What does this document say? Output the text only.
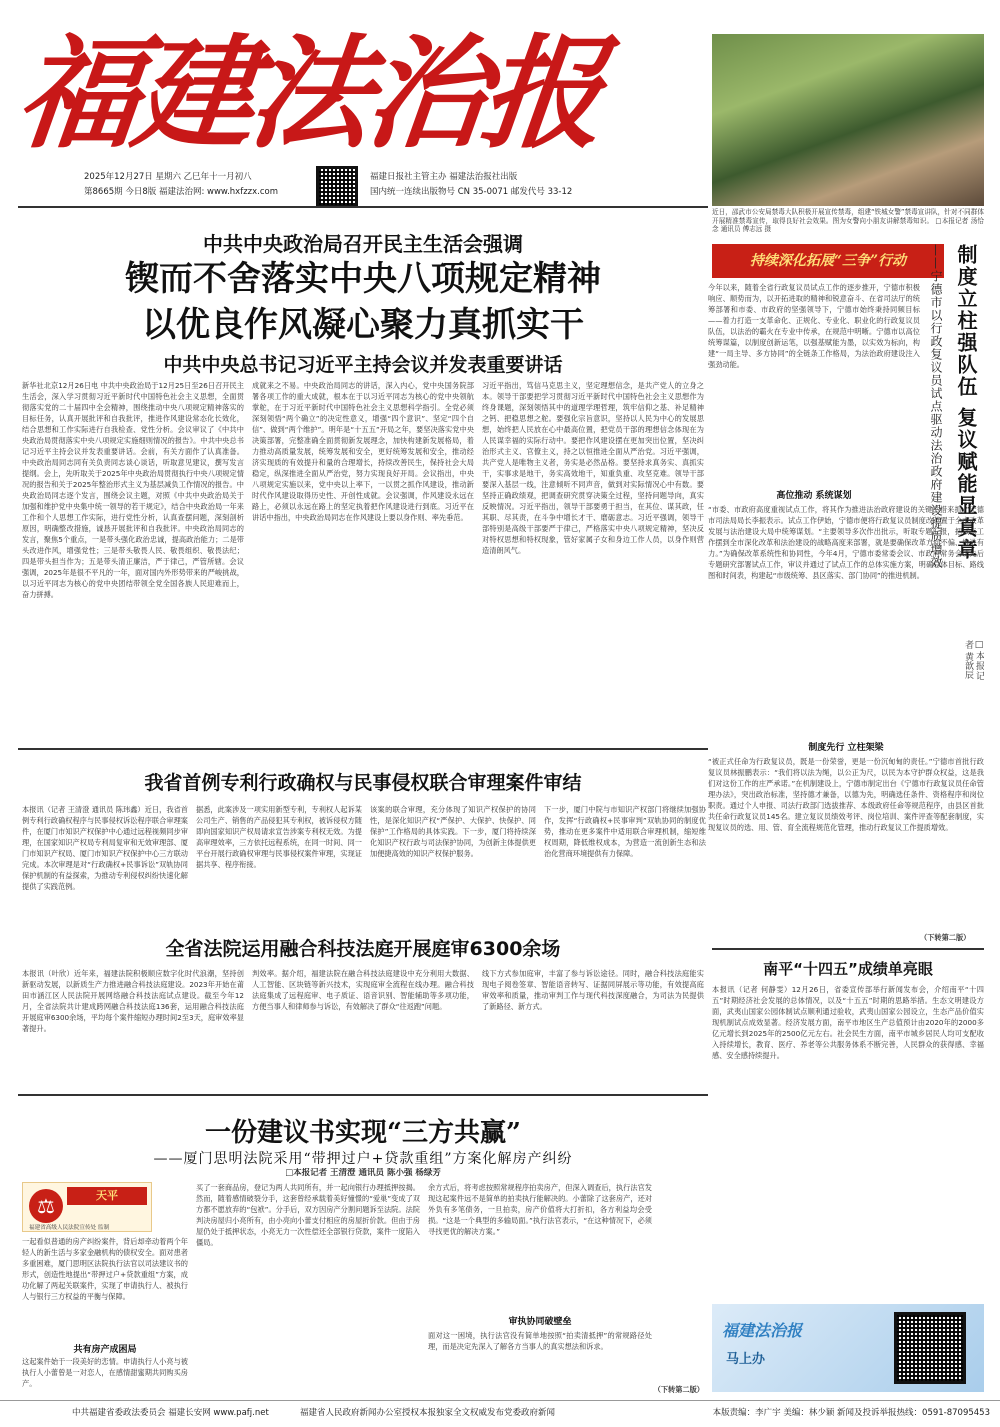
福建法治报
2025年12月27日 星期六 乙巳年十一月初八
第8665期 今日8版 福建法治网: www.hxfzzx.com
福建日报社主管主办 福建法治报社出版
国内统一连续出版物号 CN 35-0071 邮发代号 33-12
近日，邵武市公安局禁毒大队积极开展宣传禁毒，组建“铁城女警”禁毒宣讲队，针对不同群体开展精准禁毒宣传，取得良好社会效果。图为女警向小朋友讲解禁毒知识。 □本报记者 汤恰念 通讯员 傅志远 摄
中共中央政治局召开民主生活会强调
锲而不舍落实中央八项规定精神
以优良作风凝心聚力真抓实干
中共中央总书记习近平主持会议并发表重要讲话
新华社北京12月26日电 中共中央政治局于12月25日至26日召开民主生活会，深入学习贯彻习近平新时代中国特色社会主义思想，全面贯彻落实党的二十届四中全会精神，围绕推动中央八项规定精神落实的目标任务，认真开展批评和自我批评，推进作风建设常态化长效化，结合思想和工作实际进行自我检查、党性分析。会议审议了《中共中央政治局贯彻落实中央八项规定实施细则情况的报告》。中共中央总书记习近平主持会议并发表重要讲话。会前，有关方面作了认真准备。中央政治局同志同有关负责同志谈心谈话，听取意见建议，撰写发言提纲。会上，先听取关于2025年中央政治局贯彻执行中央八项规定情况的报告和关于2025年整治形式主义为基层减负工作情况的报告。中央政治局同志逐个发言，围绕会议主题，对照《中共中央政治局关于加强和维护党中央集中统一领导的若干规定》，结合中央政治局一年来工作和个人思想工作实际，进行党性分析，认真查摆问题，深刻剖析原因，明确整改措施，诚恳开展批评和自我批评。中央政治局同志的发言，聚焦5个重点，一是带头强化政治忠诚，提高政治能力；二是带头改进作风，增强党性；三是带头敬畏人民、敬畏组织、敬畏法纪；四是带头担当作为；五是带头清正廉洁，严于律己，严管所辖。会议强调，2025年是很不平凡的一年，面对国内外形势带来的严峻挑战，以习近平同志为核心的党中央团结带领全党全国各族人民迎难而上，奋力拼搏。
成就来之不易。中央政治局同志的讲话，深入内心，党中央国务院部署各项工作的重大成就，根本在于以习近平同志为核心的党中央领航掌舵，在于习近平新时代中国特色社会主义思想科学指引。全党必须深刻领悟“两个确立”的决定性意义，增强“四个意识”、坚定“四个自信”、做到“两个维护”。明年是“十五五”开局之年，要坚决落实党中央决策部署，完整准确全面贯彻新发展理念，加快构建新发展格局，着力推动高质量发展，统筹发展和安全，更好统筹发展和安全，推动经济实现质的有效提升和量的合理增长，持续改善民生，保持社会大局稳定，纵深推进全面从严治党，努力实现良好开局。会议指出，中央八项规定实施以来，党中央以上率下，一以贯之抓作风建设，推动新时代作风建设取得历史性、开创性成就。会议强调，作风建设永远在路上，必须以永远在路上的坚定执着把作风建设进行到底。习近平在讲话中指出，中央政治局同志在作风建设上要以身作则、率先垂范。
习近平指出，笃信马克思主义，坚定理想信念，是共产党人的立身之本。领导干部要把学习贯彻习近平新时代中国特色社会主义思想作为终身课题，深刻领悟其中的道理学理哲理，筑牢信仰之基、补足精神之钙、把稳思想之舵。要强化宗旨意识，坚持以人民为中心的发展思想，始终把人民放在心中最高位置，把党员干部的理想信念体现在为人民谋幸福的实际行动中。要把作风建设摆在更加突出位置，坚决纠治形式主义、官僚主义，持之以恒推进全面从严治党。习近平强调，共产党人是唯物主义者，务实是必然品格。要坚持求真务实、真抓实干，实事求是地干，务实高效地干，知重负重、攻坚克难。领导干部要深入基层一线，注意倾听不同声音，做到对实际情况心中有数。要坚持正确政绩观，把调查研究贯穿决策全过程，坚持问题导向，真实反映情况。习近平指出，领导干部要勇于担当，在其位、谋其政，任其职、尽其责，在斗争中增长才干、磨砺意志。习近平强调，领导干部特别是高级干部要严于律己，严格落实中央八项规定精神，坚决反对特权思想和特权现象，管好家属子女和身边工作人员，以身作则营造清朗风气。
持续深化拓展“三争”行动	制度立柱强队伍 复议赋能显真章
——宁德市以行政复议员试点驱动法治政府建设提质增效
今年以来，随着全省行政复议员试点工作的逐步推开，宁德市积极响应、顺势而为，以开拓进取的精神和锐意奋斗、在省司法厅的统筹部署和市委、市政府的坚强领导下，宁德市始终秉持同频目标——着力打造一支革命化、正规化、专业化、职业化的行政复议员队伍，以法治的霸火在专业中传承，在规范中明晰。宁德市以高位统筹谋篇，以制度创新运笔，以强基赋能为墨，以实效为标向，构建“一局主导、多方协同”的全链条工作格局，为法治政府建设注入强劲动能。
□本报记者 黄歆辰
高位推动 系统谋划
“市委、市政府高度重视试点工作，将其作为推进法治政府建设的关键举措来抓。”宁德市司法局局长李振表示。试点工作伊始，宁德市便将行政复议员制度改革置于全市改革发展与法治建设大局中统筹谋划。“主要领导多次作出批示，听取专题汇报，把试点工作摆到全市深化改革和法治建设的战略高度来部署，就是要确保改革方向不偏、推进有力。”为确保改革系统性和协同性，今年4月，宁德市委常委会议、市政府常务会议先后专题研究部署试点工作，审议并通过了试点工作的总体实施方案，明确总体目标、路线图和时间表，构建起“市级统筹、县区落实、部门协同”的推进机制。
制度先行 立柱架梁
“被正式任命为行政复议员，既是一份荣誉，更是一份沉甸甸的责任。”宁德市首批行政复议员林振鹏表示：“我们将以法为绳，以公正为尺，以民为本守护群众权益，这是我们对这份工作的庄严承诺。”在机制建设上，宁德市制定出台《宁德市行政复议员任命管理办法》，突出政治标准，坚持德才兼备，以德为先，明确选任条件、资格程序和岗位职责。通过个人申报、司法行政部门选拔推荐、本级政府任命等规范程序，由县区首批共任命行政复议员145名。建立复议员绩效考评、岗位培训、案件评查等配套制度，实现复议员的选、用、管、育全流程规范化管理，推动行政复议工作提质增效。
（下转第二版）
我省首例专利行政确权与民事侵权联合审理案件审结
本报讯（记者 王清澄 通讯员 陈玮鑫）近日，我省首例专利行政确权程序与民事侵权诉讼程序联合审理案件，在厦门市知识产权保护中心通过远程视频同步审理，在国家知识产权局专利局复审和无效审理部、厦门市知识产权局、厦门市知识产权保护中心三方联动完成。本次审理是对“行政确权+民事诉讼”双轨协同保护机制的有益探索，为推动专利侵权纠纷快速化解提供了实践范例。
据悉，此案涉及一项实用新型专利，专利权人起诉某公司生产、销售的产品侵犯其专利权，被诉侵权方随即向国家知识产权局请求宣告涉案专利权无效。为提高审理效率，三方依托远程系统，在同一时间、同一平台开展行政确权审理与民事侵权案件审理，实现证据共享、程序衔接。
该案的联合审理，充分体现了知识产权保护的协同性，是深化知识产权“严保护、大保护、快保护、同保护”工作格局的具体实践。下一步，厦门将持续深化知识产权行政与司法保护协同，为创新主体提供更加便捷高效的知识产权保护服务。
下一步，厦门中院与市知识产权部门将继续加强协作，发挥“行政确权+民事审判”双轨协同的制度优势，推动在更多案件中适用联合审理机制，缩短维权周期，降低维权成本，为营造一流创新生态和法治化营商环境提供有力保障。
全省法院运用融合科技法庭开展庭审6300余场
本报讯（叶欣）近年来，福建法院积极顺应数字化时代浪潮，坚持创新驱动发展，以新质生产力推进融合科技法庭建设。2023年开始在莆田市涵江区人民法院开展网络融合科技法庭试点建设。截至今年12月，全省法院共计建成跨网融合科技法庭136套，运用融合科技法庭开展庭审6300余场，平均每个案件缩短办理时间2至3天，庭审效率显著提升。
判效率。据介绍，福建法院在融合科技法庭建设中充分利用大数据、人工智能、区块链等新兴技术，实现庭审全流程在线办理。融合科技法庭集成了远程庭审、电子质证、语音识别、智能辅助等多项功能，方便当事人和律师参与诉讼，有效解决了群众“往返跑”问题。
线下方式参加庭审，丰富了参与诉讼途径。同时，融合科技法庭能实现电子阅卷签章、智能语音转写、证据同屏展示等功能，有效提高庭审效率和质量，推动审判工作与现代科技深度融合，为司法为民提供了新路径、新方式。
一份建议书实现“三方共赢”
——厦门思明法院采用“带押过户+贷款重组”方案化解房产纠纷
□本报记者 王清澄 通讯员 陈小强 杨绿芳
⚖	天平
福建省高级人民法院宣传处 监制
一起看似普通的房产纠纷案件，背后却牵动着两个年轻人的新生活与多家金融机构的债权安全。面对患者多重困难，厦门思明区法院执行法官以司法建议书的形式，创造性地提出“带押过户+贷款重组”方案，成功化解了两起关联案件，实现了申请执行人、被执行人与银行三方权益的平衡与保障。
共有房产成困局
这起案件始于一段美好的恋情。申请执行人小亮与被执行人小蕾曾是一对恋人，在感情甜蜜期共同购买房产。
买了一套商品房，登记为两人共同所有，并一起向银行办理抵押按揭。然而，随着感情破裂分手，这套曾经承载着美好憧憬的“爱巢”变成了双方都不愿放弃的“包袱”。分手后，双方因房产分割问题诉至法院。法院判决房屋归小亮所有，由小亮向小蕾支付相应的房屋折价款。但由于房屋仍处于抵押状态，小亮无力一次性偿还全部银行贷款，案件一度陷入僵局。
余方式后，将考虑按照常规程序拍卖房产，但深入调查后，执行法官发现这起案件远不是简单的拍卖执行能解决的。小蕾除了这套房产，还对外负有多笔债务，一旦拍卖，房产价值将大打折扣，各方利益均会受损。“这是一个典型的多输局面。”执行法官表示，“在这种情况下，必须寻找更优的解决方案。”
审执协同破壁垒
面对这一困境，执行法官没有简单地按照“拍卖清抵押”的常规路径处理，而是决定先深入了解各方当事人的真实想法和诉求。
（下转第二版）
南平“十四五”成绩单亮眼
本报讯（记者 何静雯）12月26日，省委宣传部举行新闻发布会，介绍南平“十四五”时期经济社会发展的总体情况，以及“十五五”时期的思路举措。生态文明建设方面，武夷山国家公园体制试点顺利通过验收，武夷山国家公园设立，生态产品价值实现机制试点成效显著。经济发展方面，南平市地区生产总值预计由2020年的2000多亿元增长到2025年的2500亿元左右。社会民生方面，南平市城乡居民人均可支配收入持续增长，教育、医疗、养老等公共服务体系不断完善，人民群众的获得感、幸福感、安全感持续提升。
福建法治报
马上办
中共福建省委政法委员会 福建长安网 www.pafj.net	福建省人民政府新闻办公室授权本报独家全文权威发布党委政府新闻	本版责编：李广宇 美编：林少颖 新闻及投诉举报热线：0591-87095453
